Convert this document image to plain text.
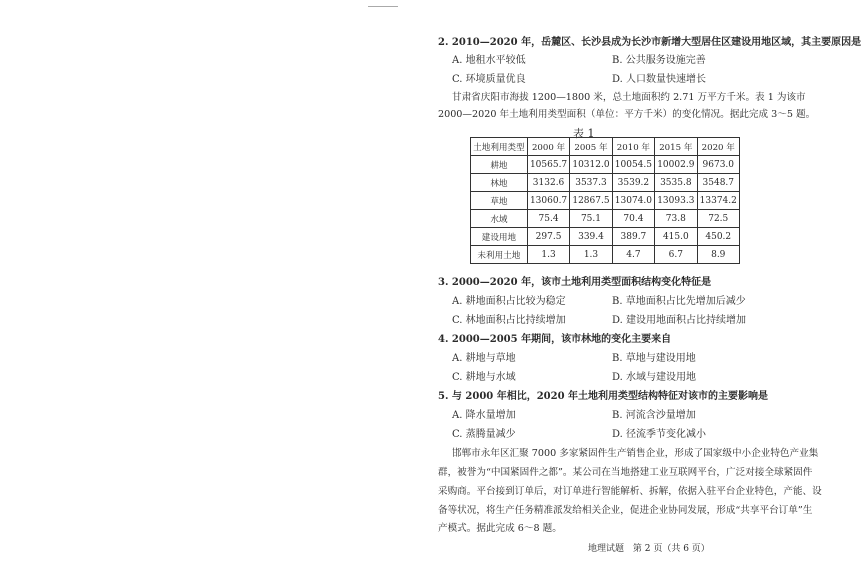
2. 2010—2020 年，岳麓区、长沙县成为长沙市新增大型居住区建设用地区域，其主要原因是
A. 地租水平较低	B. 公共服务设施完善
C. 环境质量优良	D. 人口数量快速增长
甘肃省庆阳市海拔 1200—1800 米，总土地面积约 2.71 万平方千米。表 1 为该市
2000—2020 年土地利用类型面积（单位：平方千米）的变化情况。据此完成 3～5 题。
表 1
土地利用类型	2000 年	2005 年	2010 年	2015 年	2020 年
耕地	10565.7	10312.0	10054.5	10002.9	9673.0
林地	3132.6	3537.3	3539.2	3535.8	3548.7
草地	13060.7	12867.5	13074.0	13093.3	13374.2
水域	75.4	75.1	70.4	73.8	72.5
建设用地	297.5	339.4	389.7	415.0	450.2
未利用土地	1.3	1.3	4.7	6.7	8.9
3. 2000—2020 年，该市土地利用类型面积结构变化特征是
A. 耕地面积占比较为稳定	B. 草地面积占比先增加后减少
C. 林地面积占比持续增加	D. 建设用地面积占比持续增加
4. 2000—2005 年期间，该市林地的变化主要来自
A. 耕地与草地	B. 草地与建设用地
C. 耕地与水域	D. 水域与建设用地
5. 与 2000 年相比，2020 年土地利用类型结构特征对该市的主要影响是
A. 降水量增加	B. 河流含沙量增加
C. 蒸腾量减少	D. 径流季节变化减小
邯郸市永年区汇聚 7000 多家紧固件生产销售企业，形成了国家级中小企业特色产业集
群，被誉为“中国紧固件之都”。某公司在当地搭建工业互联网平台，广泛对接全球紧固件
采购商。平台接到订单后，对订单进行智能解析、拆解，依据入驻平台企业特色，产能、设
备等状况，将生产任务精准派发给相关企业，促进企业协同发展，形成“共享平台订单”生
产模式。据此完成 6～8 题。
地理试题 第 2 页（共 6 页）
